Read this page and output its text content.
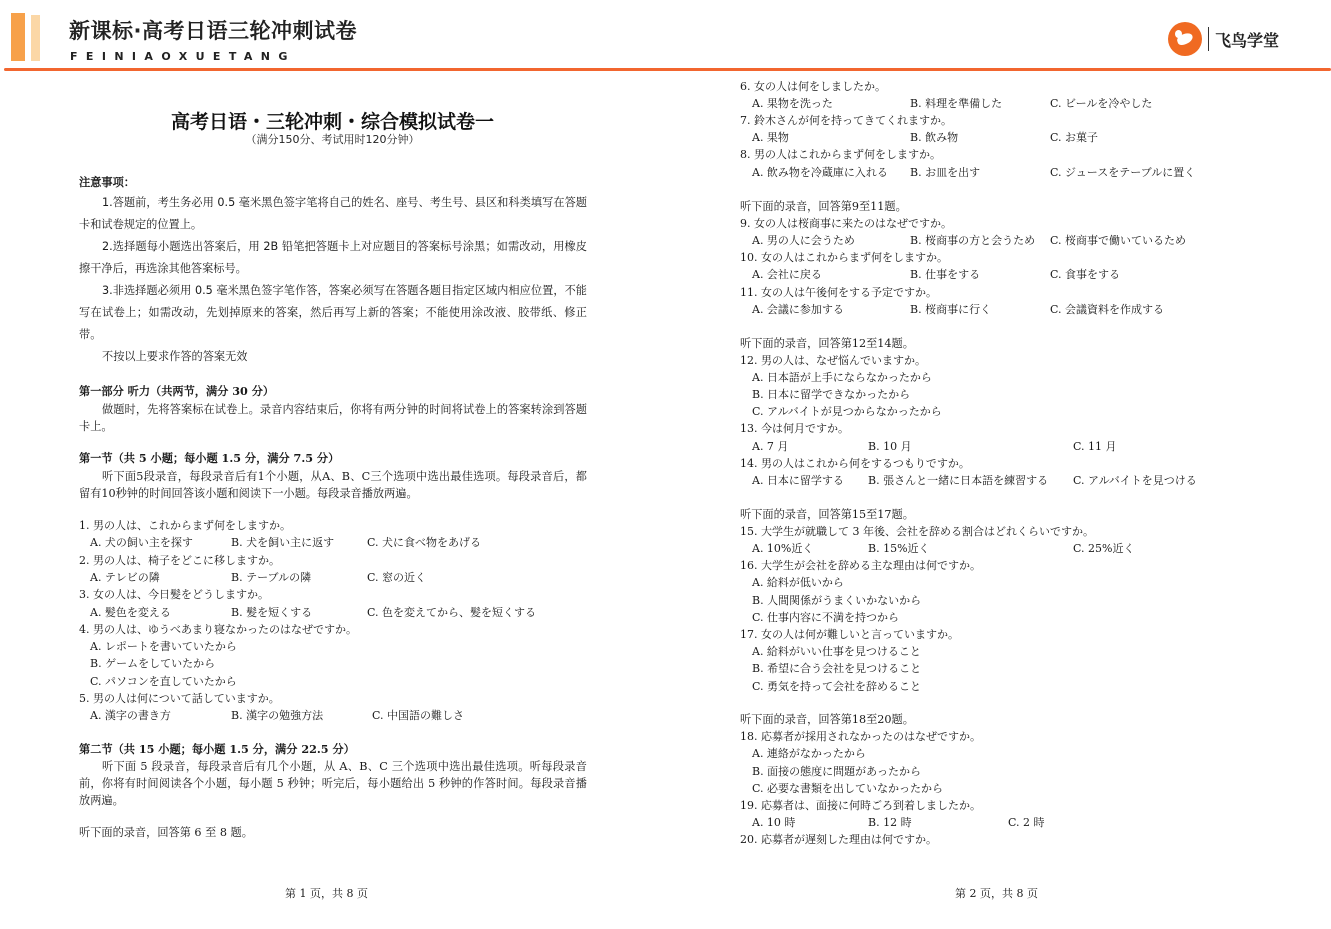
新课标·高考日语三轮冲刺试卷
FEINIAOXUETANG
飞鸟学堂
高考日语・三轮冲刺・综合模拟试卷一
（满分150分、考试用时120分钟）
注意事项：
1.答题前，考生务必用 0.5 毫米黑色签字笔将自己的姓名、座号、考生号、县区和科类填写在答题卡和试卷规定的位置上。
2.选择题每小题选出答案后，用 2B 铅笔把答题卡上对应题目的答案标号涂黑；如需改动，用橡皮擦干净后，再选涂其他答案标号。
3.非选择题必须用 0.5 毫米黑色签字笔作答，答案必须写在答题各题目指定区域内相应位置，不能写在试卷上；如需改动，先划掉原来的答案，然后再写上新的答案；不能使用涂改液、胶带纸、修正带。
不按以上要求作答的答案无效
第一部分 听力（共两节，满分 30 分）
做题时，先将答案标在试卷上。录音内容结束后，你将有两分钟的时间将试卷上的答案转涂到答题卡上。
第一节（共 5 小题；每小题 1.5 分，满分 7.5 分）
听下面5段录音，每段录音后有1个小题，从A、B、C三个选项中选出最佳选项。每段录音后，都留有10秒钟的时间回答该小题和阅读下一小题。每段录音播放两遍。
1. 男の人は、これからまず何をしますか。
A. 犬の飼い主を探す	B. 犬を飼い主に返す	C. 犬に食べ物をあげる
2. 男の人は、椅子をどこに移しますか。
A. テレビの隣	B. テーブルの隣	C. 窓の近く
3. 女の人は、今日髪をどうしますか。
A. 髪色を変える	B. 髪を短くする	C. 色を変えてから、髪を短くする
4. 男の人は、ゆうべあまり寝なかったのはなぜですか。
A. レポートを書いていたから
B. ゲームをしていたから
C. パソコンを直していたから
5. 男の人は何について話していますか。
A. 漢字の書き方	B. 漢字の勉強方法	C. 中国語の難しさ
第二节（共 15 小题；每小题 1.5 分，满分 22.5 分）
听下面 5 段录音，每段录音后有几个小题，从 A、B、C 三个选项中选出最佳选项。听每段录音前，你将有时间阅读各个小题，每小题 5 秒钟；听完后，每小题给出 5 秒钟的作答时间。每段录音播放两遍。
听下面的录音，回答第 6 至 8 题。
第 1 页，共 8 页
6. 女の人は何をしましたか。
A. 果物を洗った	B. 料理を準備した	C. ビールを冷やした
7. 鈴木さんが何を持ってきてくれますか。
A. 果物	B. 飲み物	C. お菓子
8. 男の人はこれからまず何をしますか。
A. 飲み物を冷蔵庫に入れる B. お皿を出す	C. ジュースをテーブルに置く
听下面的录音，回答第9至11题。
9. 女の人は桜商事に来たのはなぜですか。
A. 男の人に会うため	B. 桜商事の方と会うため C. 桜商事で働いているため
10. 女の人はこれからまず何をしますか。
A. 会社に戻る	B. 仕事をする	C. 食事をする
11. 女の人は午後何をする予定ですか。
A. 会議に参加する	B. 桜商事に行く	C. 会議資料を作成する
听下面的录音，回答第12至14题。
12. 男の人は、なぜ悩んでいますか。
A. 日本語が上手にならなかったから
B. 日本に留学できなかったから
C. アルバイトが見つからなかったから
13. 今は何月ですか。
A. 7 月	B. 10 月	C. 11 月
14. 男の人はこれから何をするつもりですか。
A. 日本に留学する B. 張さんと一緒に日本語を練習する C. アルバイトを見つける
听下面的录音，回答第15至17题。
15. 大学生が就職して 3 年後、会社を辞める割合はどれくらいですか。
A. 10%近く	B. 15%近く	C. 25%近く
16. 大学生が会社を辞める主な理由は何ですか。
A. 給料が低いから
B. 人間関係がうまくいかないから
C. 仕事内容に不満を持つから
17. 女の人は何が難しいと言っていますか。
A. 給料がいい仕事を見つけること
B. 希望に合う会社を見つけること
C. 勇気を持って会社を辞めること
听下面的录音，回答第18至20题。
18. 応募者が採用されなかったのはなぜですか。
A. 連絡がなかったから
B. 面接の態度に問題があったから
C. 必要な書類を出していなかったから
19. 応募者は、面接に何時ごろ到着しましたか。
A. 10 時	B. 12 時	C. 2 時
20. 応募者が遅刻した理由は何ですか。
第 2 页，共 8 页
